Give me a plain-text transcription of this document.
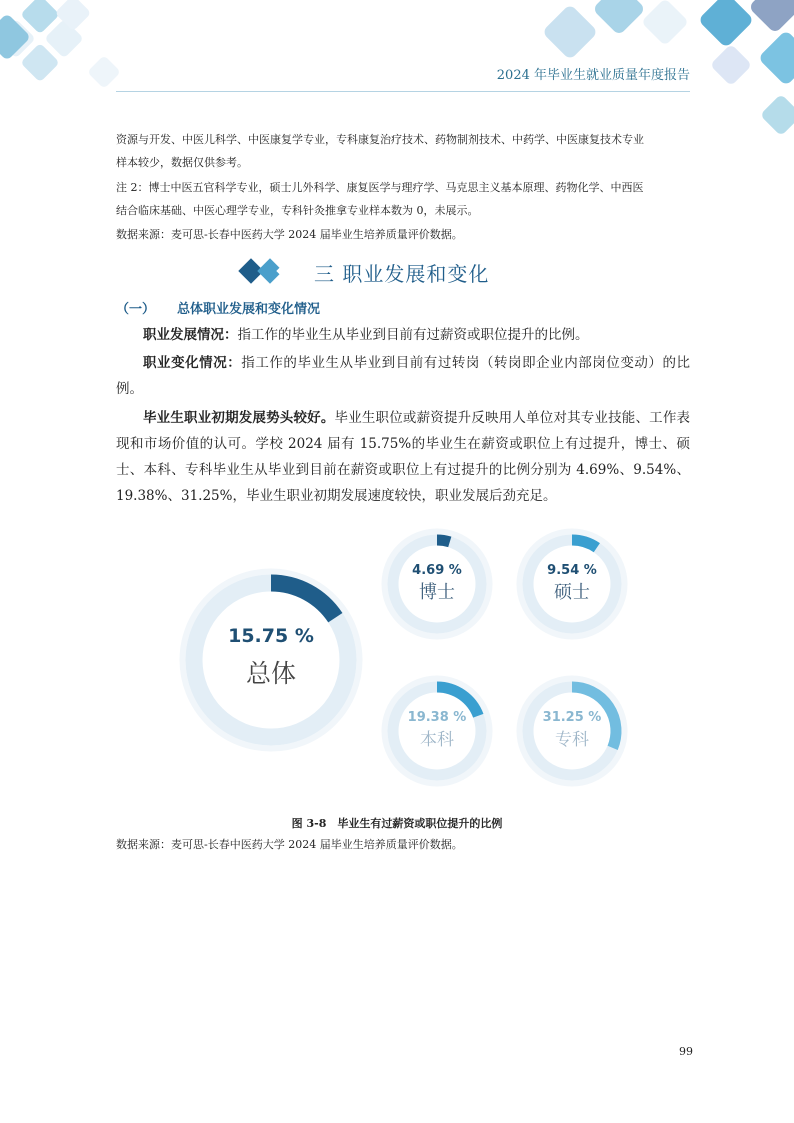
2024 年毕业生就业质量年度报告

资源与开发、中医儿科学、中医康复学专业，专科康复治疗技术、药物制剂技术、中药学、中医康复技术专业

样本较少，数据仅供参考。

注 2：博士中医五官科学专业，硕士儿外科学、康复医学与理疗学、马克思主义基本原理、药物化学、中西医

结合临床基础、中医心理学专业，专科针灸推拿专业样本数为 0，未展示。

数据来源：麦可思-长春中医药大学 2024 届毕业生培养质量评价数据。

三 职业发展和变化
（一） 总体职业发展和变化情况

职业发展情况：指工作的毕业生从毕业到目前有过薪资或职位提升的比例。

职业变化情况：指工作的毕业生从毕业到目前有过转岗（转岗即企业内部岗位变动）的比例。

毕业生职业初期发展势头较好。毕业生职位或薪资提升反映用人单位对其专业技能、工作表现和市场价值的认可。学校 2024 届有 15.75%的毕业生在薪资或职位上有过提升，博士、硕士、本科、专科毕业生从毕业到目前在薪资或职位上有过提升的比例分别为 4.69%、9.54%、19.38%、31.25%，毕业生职业初期发展速度较快，职业发展后劲充足。

15.75 %
总体
4.69 %
博士
9.54 %
硕士
19.38 %
本科
31.25 %
专科
图 3-8　毕业生有过薪资或职位提升的比例
数据来源：麦可思-长春中医药大学 2024 届毕业生培养质量评价数据。
99
